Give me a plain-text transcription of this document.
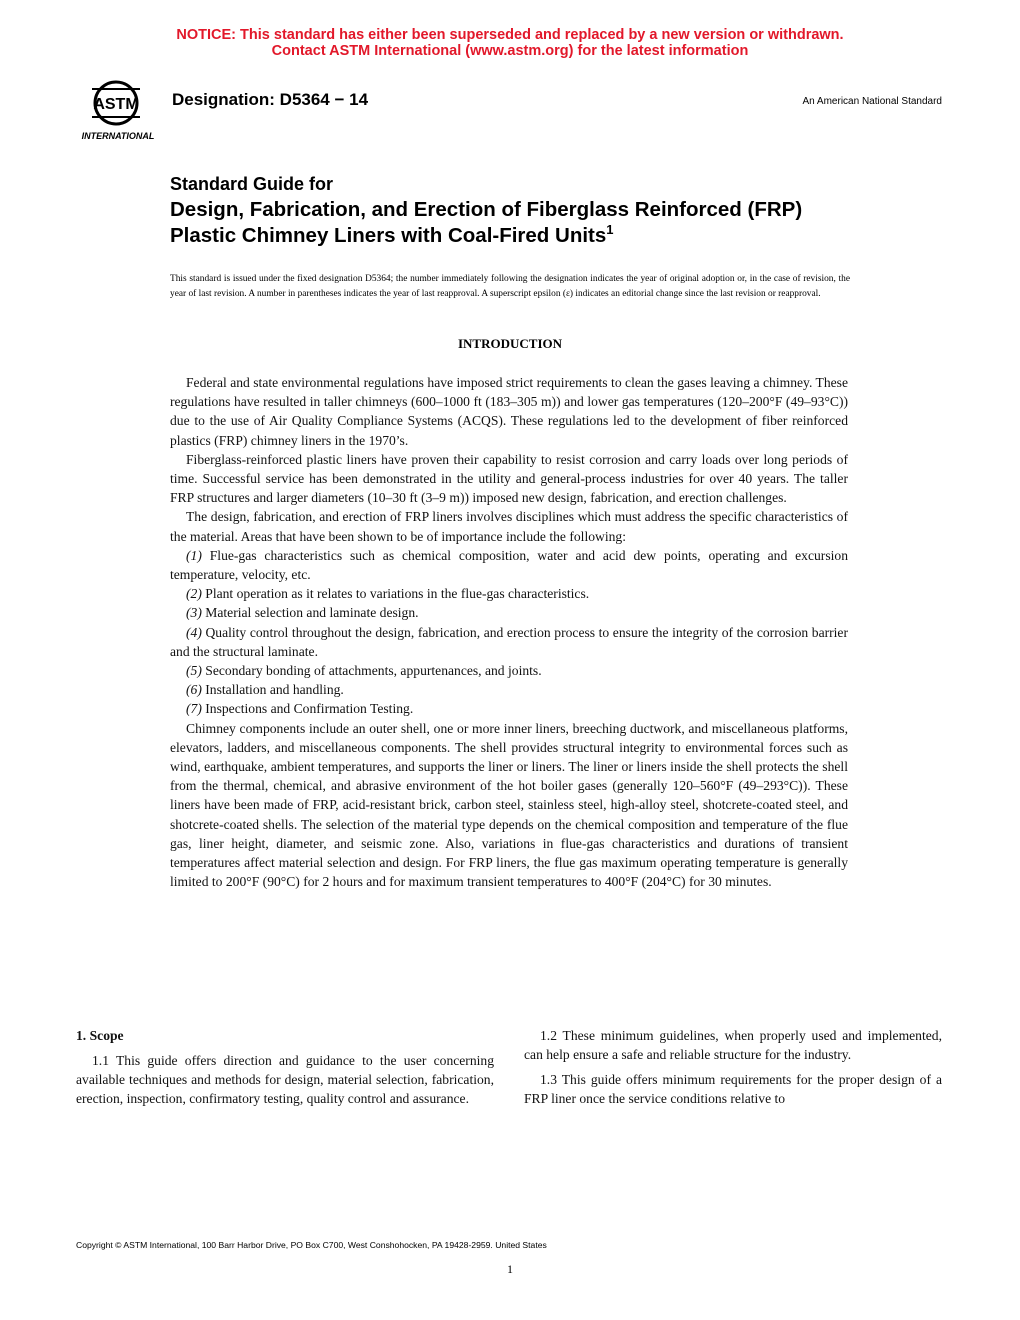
NOTICE: This standard has either been superseded and replaced by a new version or withdrawn.
Contact ASTM International (www.astm.org) for the latest information
ASTM
INTERNATIONAL
Designation: D5364 − 14	An American National Standard
Standard Guide for
Design, Fabrication, and Erection of Fiberglass Reinforced (FRP) Plastic Chimney Liners with Coal-Fired Units$^1$
This standard is issued under the fixed designation D5364; the number immediately following the designation indicates the year of original adoption or, in the case of revision, the year of last revision. A number in parentheses indicates the year of last reapproval. A superscript epsilon (ε) indicates an editorial change since the last revision or reapproval.
INTRODUCTION

Federal and state environmental regulations have imposed strict requirements to clean the gases leaving a chimney. These regulations have resulted in taller chimneys (600–1000 ft (183–305 m)) and lower gas temperatures (120–200°F (49–93°C)) due to the use of Air Quality Compliance Systems (ACQS). These regulations led to the development of fiber reinforced plastics (FRP) chimney liners in the 1970’s.

Fiberglass-reinforced plastic liners have proven their capability to resist corrosion and carry loads over long periods of time. Successful service has been demonstrated in the utility and general-process industries for over 40 years. The taller FRP structures and larger diameters (10–30 ft (3–9 m)) imposed new design, fabrication, and erection challenges.

The design, fabrication, and erection of FRP liners involves disciplines which must address the specific characteristics of the material. Areas that have been shown to be of importance include the following:

(1) Flue-gas characteristics such as chemical composition, water and acid dew points, operating and excursion temperature, velocity, etc.

(2) Plant operation as it relates to variations in the flue-gas characteristics.

(3) Material selection and laminate design.

(4) Quality control throughout the design, fabrication, and erection process to ensure the integrity of the corrosion barrier and the structural laminate.

(5) Secondary bonding of attachments, appurtenances, and joints.

(6) Installation and handling.

(7) Inspections and Confirmation Testing.

Chimney components include an outer shell, one or more inner liners, breeching ductwork, and miscellaneous platforms, elevators, ladders, and miscellaneous components. The shell provides structural integrity to environmental forces such as wind, earthquake, ambient temperatures, and supports the liner or liners. The liner or liners inside the shell protects the shell from the thermal, chemical, and abrasive environment of the hot boiler gases (generally 120–560°F (49–293°C)). These liners have been made of FRP, acid-resistant brick, carbon steel, stainless steel, high-alloy steel, shotcrete-coated steel, and shotcrete-coated shells. The selection of the material type depends on the chemical composition and temperature of the flue gas, liner height, diameter, and seismic zone. Also, variations in flue-gas characteristics and durations of transient temperatures affect material selection and design. For FRP liners, the flue gas maximum operating temperature is generally limited to 200°F (90°C) for 2 hours and for maximum transient temperatures to 400°F (204°C) for 30 minutes.

1. Scope

1.1 This guide offers direction and guidance to the user concerning available techniques and methods for design, material selection, fabrication, erection, inspection, confirmatory testing, quality control and assurance.

1.2 These minimum guidelines, when properly used and implemented, can help ensure a safe and reliable structure for the industry.

1.3 This guide offers minimum requirements for the proper design of a FRP liner once the service conditions relative to

Copyright © ASTM International, 100 Barr Harbor Drive, PO Box C700, West Conshohocken, PA 19428-2959. United States
1
